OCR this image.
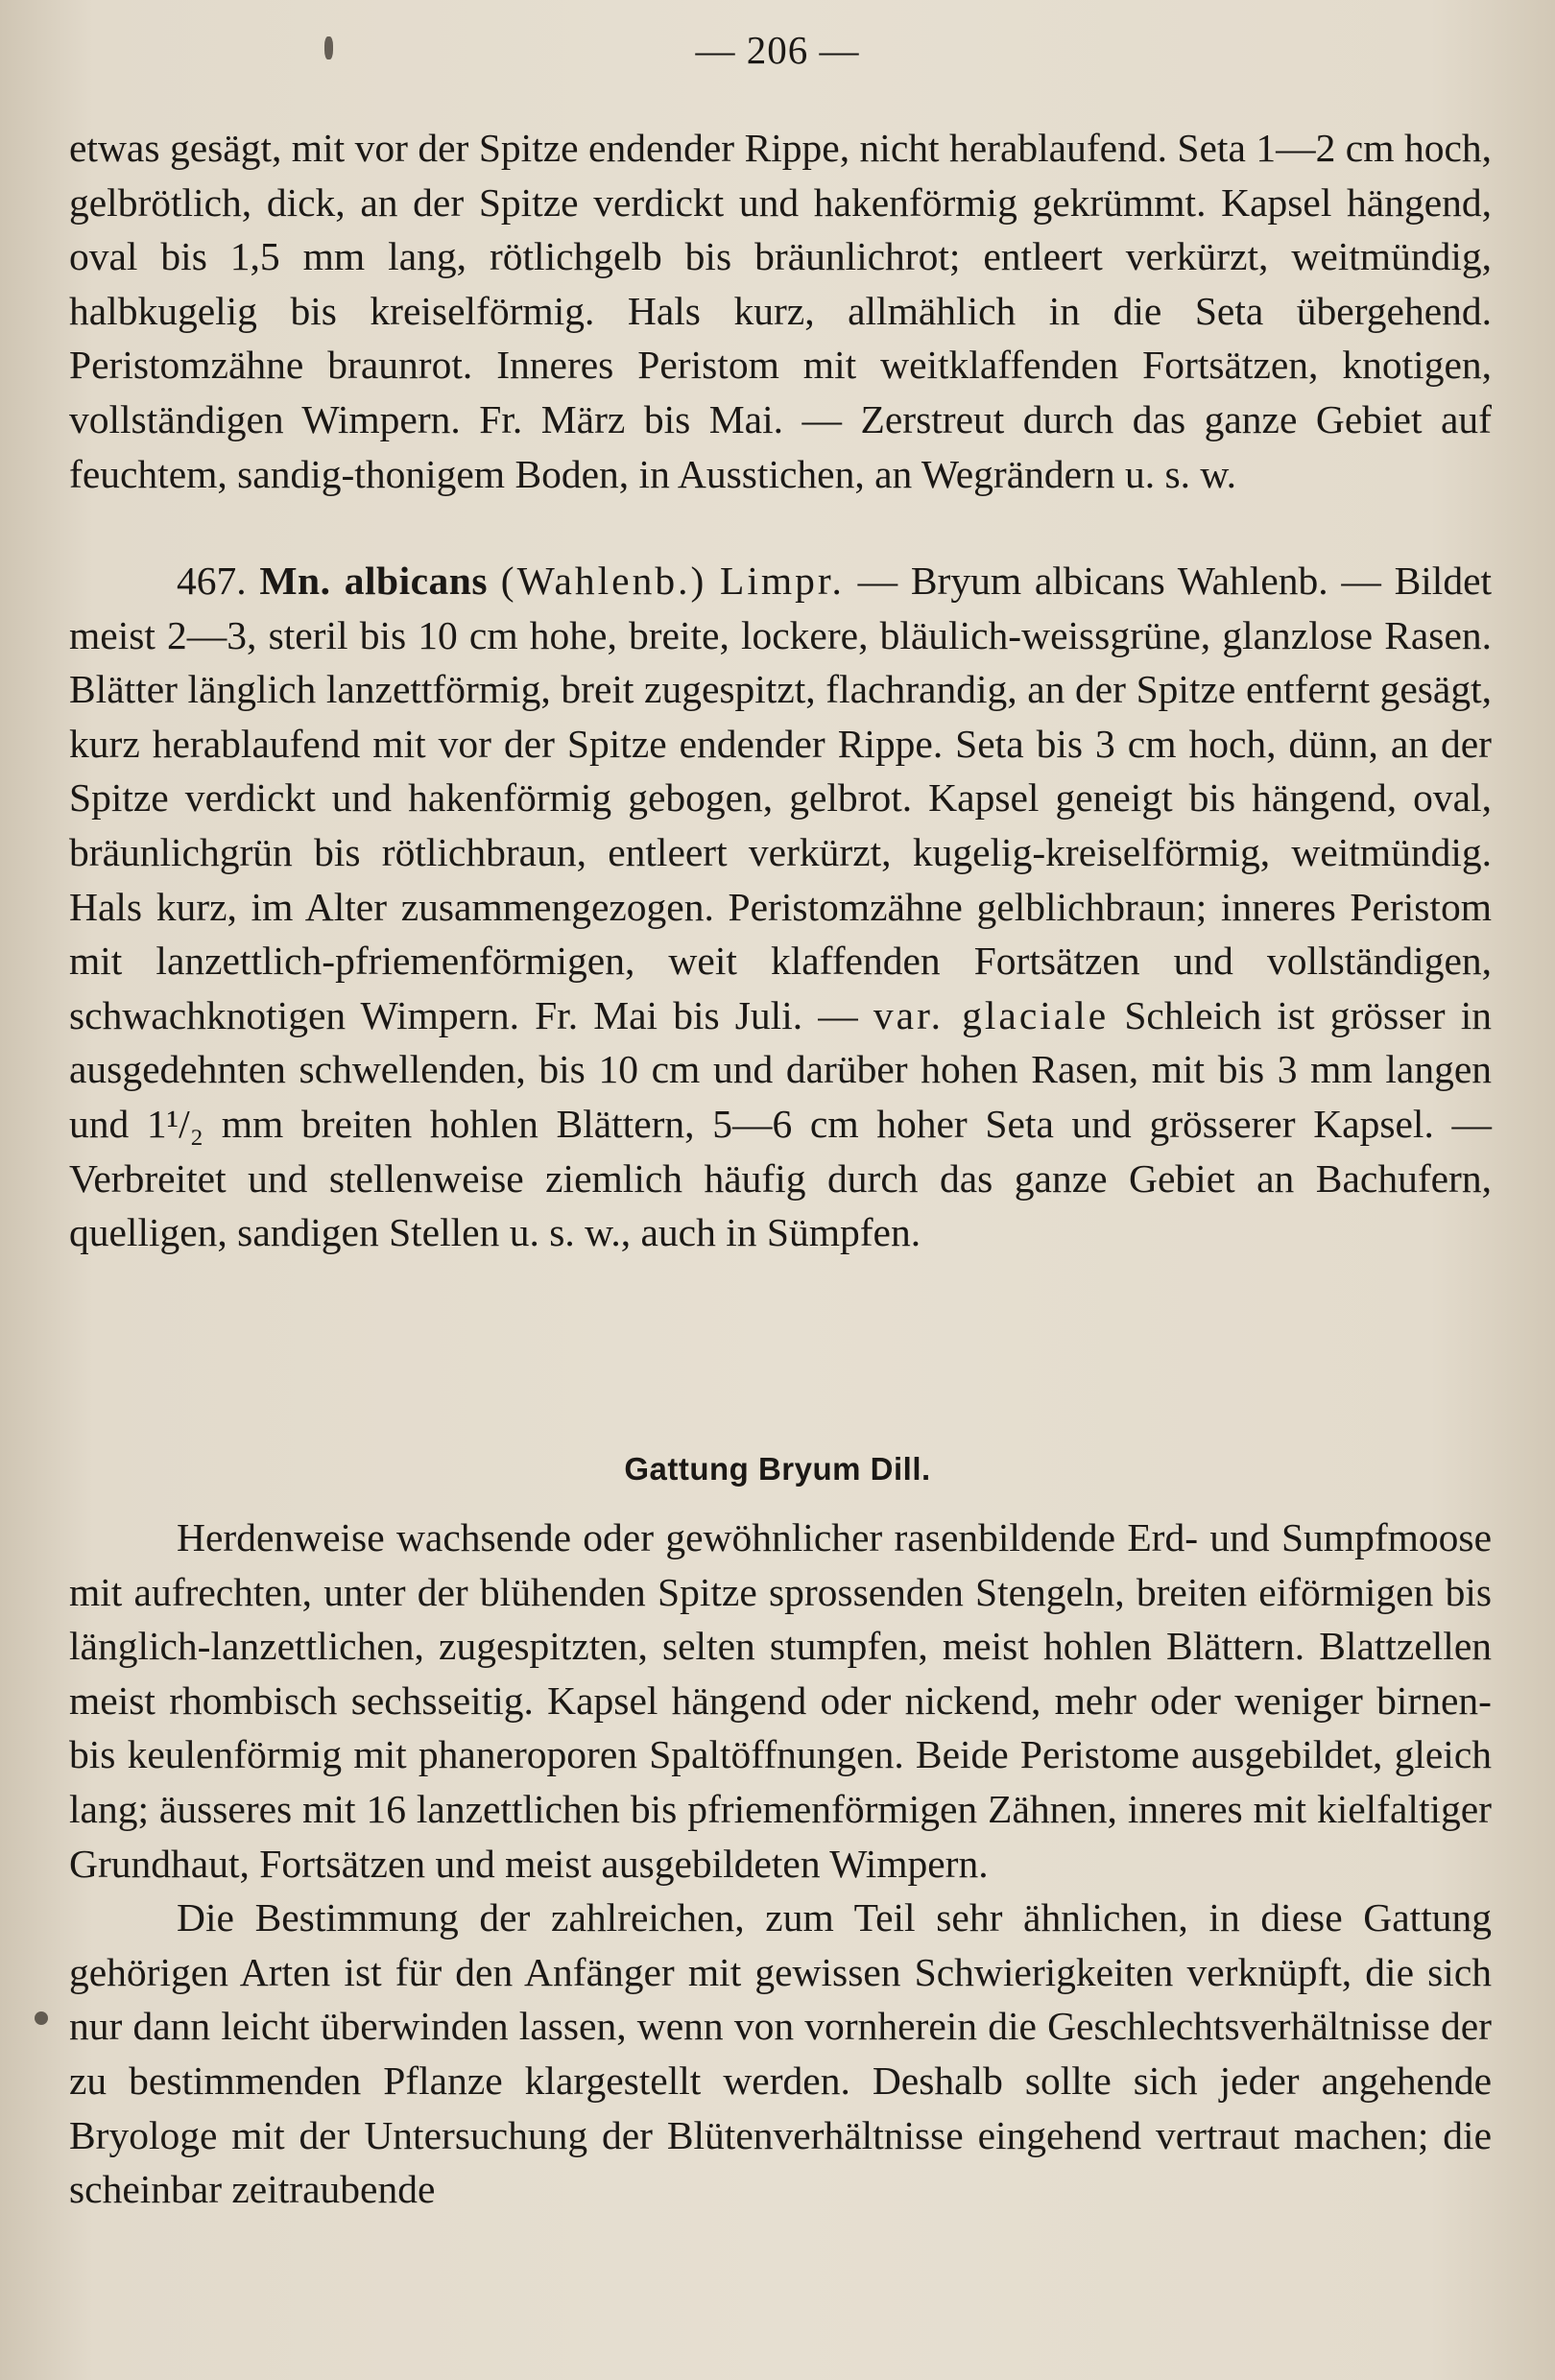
— 206 —

etwas gesägt, mit vor der Spitze endender Rippe, nicht herablaufend. Seta 1—2 cm hoch, gelbrötlich, dick, an der Spitze verdickt und hakenförmig gekrümmt. Kapsel hängend, oval bis 1,5 mm lang, rötlichgelb bis bräunlichrot; entleert verkürzt, weitmündig, halbkugelig bis kreiselförmig. Hals kurz, allmählich in die Seta übergehend. Peristomzähne braunrot. Inneres Peristom mit weitklaffenden Fortsätzen, knotigen, vollständigen Wimpern. Fr. März bis Mai. — Zerstreut durch das ganze Gebiet auf feuchtem, sandig-thonigem Boden, in Ausstichen, an Wegrändern u. s. w.

467. Mn. albicans (Wahlenb.) Limpr. — Bryum albicans Wahlenb. — Bildet meist 2—3, steril bis 10 cm hohe, breite, lockere, bläulich-weissgrüne, glanzlose Rasen. Blätter länglich lanzettförmig, breit zugespitzt, flachrandig, an der Spitze entfernt gesägt, kurz herablaufend mit vor der Spitze endender Rippe. Seta bis 3 cm hoch, dünn, an der Spitze verdickt und hakenförmig gebogen, gelbrot. Kapsel geneigt bis hängend, oval, bräunlichgrün bis rötlichbraun, entleert verkürzt, kugelig-kreiselförmig, weitmündig. Hals kurz, im Alter zusammengezogen. Peristomzähne gelblichbraun; inneres Peristom mit lanzettlich-pfriemenförmigen, weit klaffenden Fortsätzen und vollständigen, schwachknotigen Wimpern. Fr. Mai bis Juli. — var. glaciale Schleich ist grösser in ausgedehnten schwellenden, bis 10 cm und darüber hohen Rasen, mit bis 3 mm langen und 1¹/₂ mm breiten hohlen Blättern, 5—6 cm hoher Seta und grösserer Kapsel. — Verbreitet und stellenweise ziemlich häufig durch das ganze Gebiet an Bachufern, quelligen, sandigen Stellen u. s. w., auch in Sümpfen.

Gattung Bryum Dill.

Herdenweise wachsende oder gewöhnlicher rasenbildende Erd- und Sumpfmoose mit aufrechten, unter der blühenden Spitze sprossenden Stengeln, breiten eiförmigen bis länglich-lanzettlichen, zugespitzten, selten stumpfen, meist hohlen Blättern. Blattzellen meist rhombisch sechsseitig. Kapsel hängend oder nickend, mehr oder weniger birnen- bis keulenförmig mit phaneroporen Spaltöffnungen. Beide Peristome ausgebildet, gleich lang; äusseres mit 16 lanzettlichen bis pfriemenförmigen Zähnen, inneres mit kielfaltiger Grundhaut, Fortsätzen und meist ausgebildeten Wimpern.

Die Bestimmung der zahlreichen, zum Teil sehr ähnlichen, in diese Gattung gehörigen Arten ist für den Anfänger mit gewissen Schwierigkeiten verknüpft, die sich nur dann leicht überwinden lassen, wenn von vornherein die Geschlechtsverhältnisse der zu bestimmenden Pflanze klargestellt werden. Deshalb sollte sich jeder angehende Bryologe mit der Untersuchung der Blütenverhältnisse eingehend vertraut machen; die scheinbar zeitraubende
